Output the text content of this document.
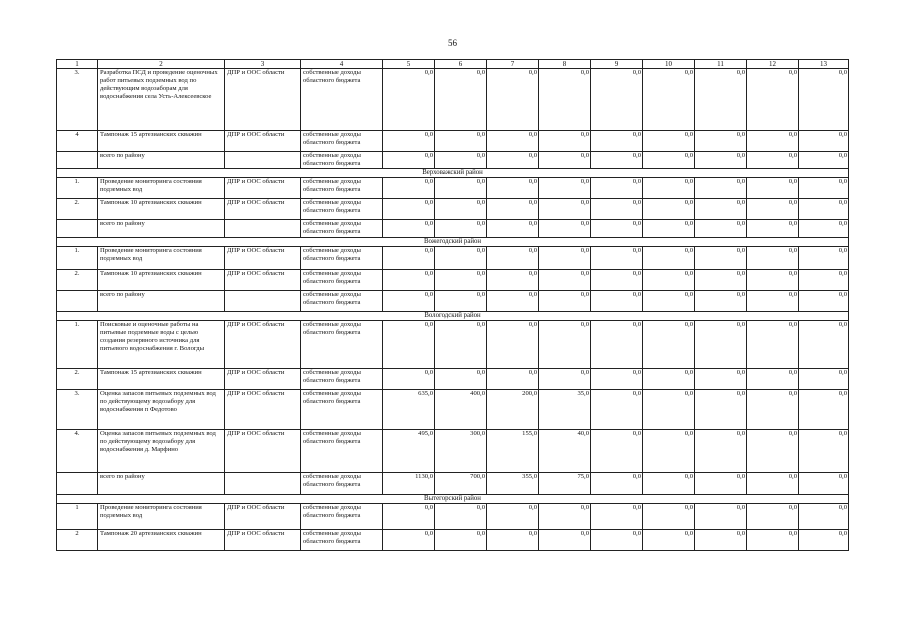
56
1	2	3	4	5	6	7	8	9	10	11	12	13
3.	Разработка ПСД и проведение оценочных работ питьевых подземных вод по действующим водозаборам для водоснабжения села Усть-Алексеевское	ДПР и ООС области	собственные доходы областного бюджета	0,0	0,0	0,0	0,0	0,0	0,0	0,0	0,0	0,0
4	Тампонаж 15 артезианских скважин	ДПР и ООС области	собственные доходы областного бюджета	0,0	0,0	0,0	0,0	0,0	0,0	0,0	0,0	0,0
	всего по району		собственные доходы областного бюджета	0,0	0,0	0,0	0,0	0,0	0,0	0,0	0,0	0,0
Верховажский район												
1.	Проведение мониторинга состояния подземных вод	ДПР и ООС области	собственные доходы областного бюджета	0,0	0,0	0,0	0,0	0,0	0,0	0,0	0,0	0,0
2.	Тампонаж 10 артезианских скважин	ДПР и ООС области	собственные доходы областного бюджета	0,0	0,0	0,0	0,0	0,0	0,0	0,0	0,0	0,0
	всего по району		собственные доходы областного бюджета	0,0	0,0	0,0	0,0	0,0	0,0	0,0	0,0	0,0
Вожегодский район												
1.	Проведение мониторинга состояния подземных вод	ДПР и ООС области	собственные доходы областного бюджета	0,0	0,0	0,0	0,0	0,0	0,0	0,0	0,0	0,0
2.	Тампонаж 10 артезианских скважин	ДПР и ООС области	собственные доходы областного бюджета	0,0	0,0	0,0	0,0	0,0	0,0	0,0	0,0	0,0
	всего по району		собственные доходы областного бюджета	0,0	0,0	0,0	0,0	0,0	0,0	0,0	0,0	0,0
Вологодский район												
1.	Поисковые и оценочные работы на питьевые подземные воды с целью создания резервного источника для питьевого водоснабжения г. Вологды	ДПР и ООС области	собственные доходы областного бюджета	0,0	0,0	0,0	0,0	0,0	0,0	0,0	0,0	0,0
2.	Тампонаж 15 артезианских скважин	ДПР и ООС области	собственные доходы областного бюджета	0,0	0,0	0,0	0,0	0,0	0,0	0,0	0,0	0,0
3.	Оценка запасов питьевых подземных вод по действующему водозабору для водоснабжения п Федотово	ДПР и ООС области	собственные доходы областного бюджета	635,0	400,0	200,0	35,0	0,0	0,0	0,0	0,0	0,0
4.	Оценка запасов питьевых подземных вод по действующему водозабору для водоснабжения д. Марфино	ДПР и ООС области	собственные доходы областного бюджета	495,0	300,0	155,0	40,0	0,0	0,0	0,0	0,0	0,0
	всего по району		собственные доходы областного бюджета	1130,0	700,0	355,0	75,0	0,0	0,0	0,0	0,0	0,0
Вытегорский район												
1	Проведение мониторинга состояния подземных вод	ДПР и ООС области	собственные доходы областного бюджета	0,0	0,0	0,0	0,0	0,0	0,0	0,0	0,0	0,0
2	Тампонаж 20 артезианских скважин	ДПР и ООС области	собственные доходы областного бюджета	0,0	0,0	0,0	0,0	0,0	0,0	0,0	0,0	0,0
